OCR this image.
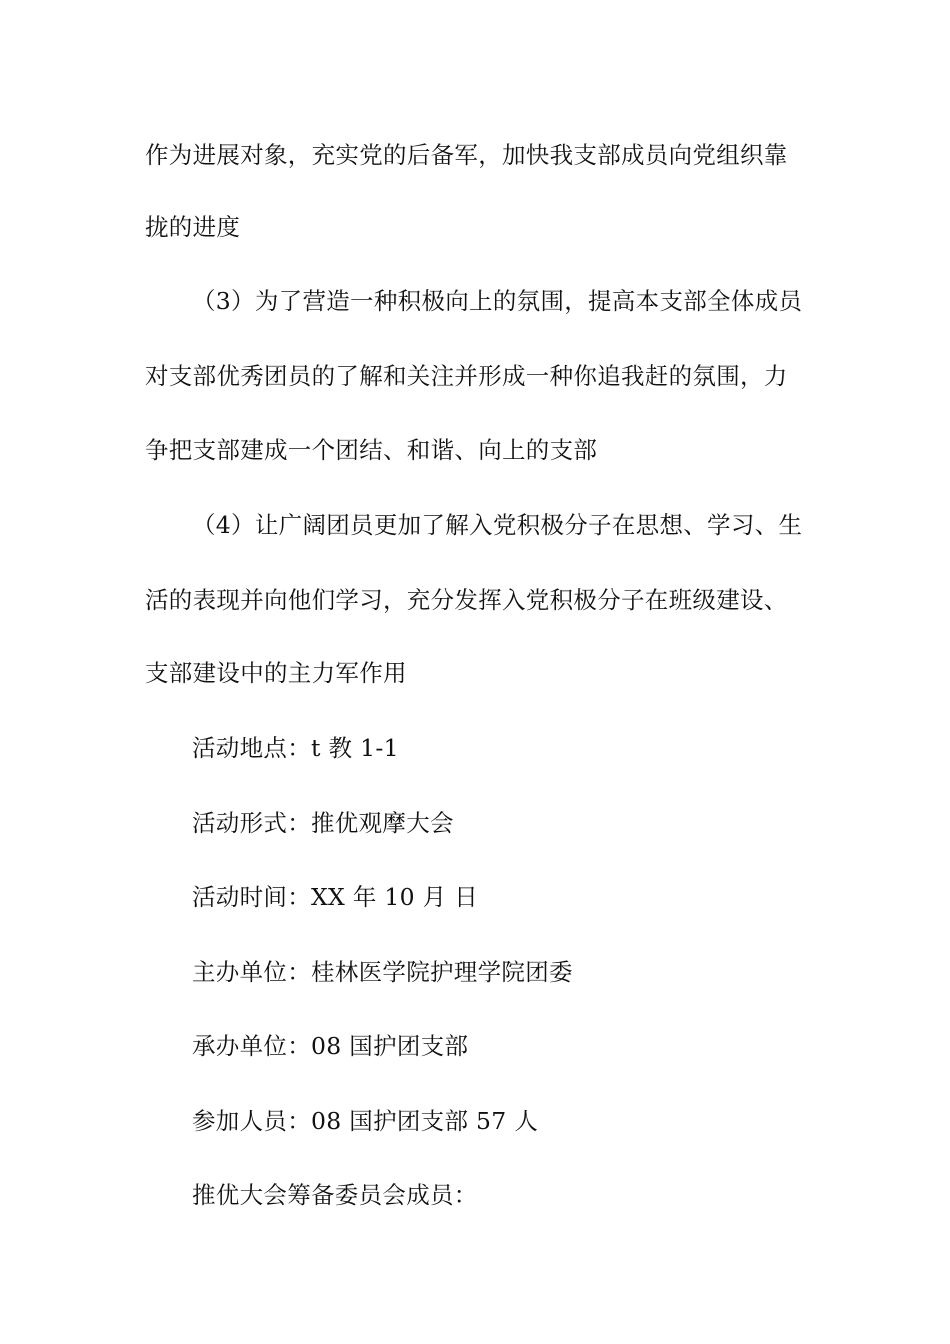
作为进展对象，充实党的后备军，加快我支部成员向党组织靠
拢的进度
（3）为了营造一种积极向上的氛围，提高本支部全体成员
对支部优秀团员的了解和关注并形成一种你追我赶的氛围，力
争把支部建成一个团结、和谐、向上的支部
（4）让广阔团员更加了解入党积极分子在思想、学习、生
活的表现并向他们学习，充分发挥入党积极分子在班级建设、
支部建设中的主力军作用
活动地点：t 教 1-1
活动形式：推优观摩大会
活动时间：XX 年 10 月 日
主办单位：桂林医学院护理学院团委
承办单位：08 国护团支部
参加人员：08 国护团支部 57 人
推优大会筹备委员会成员：
